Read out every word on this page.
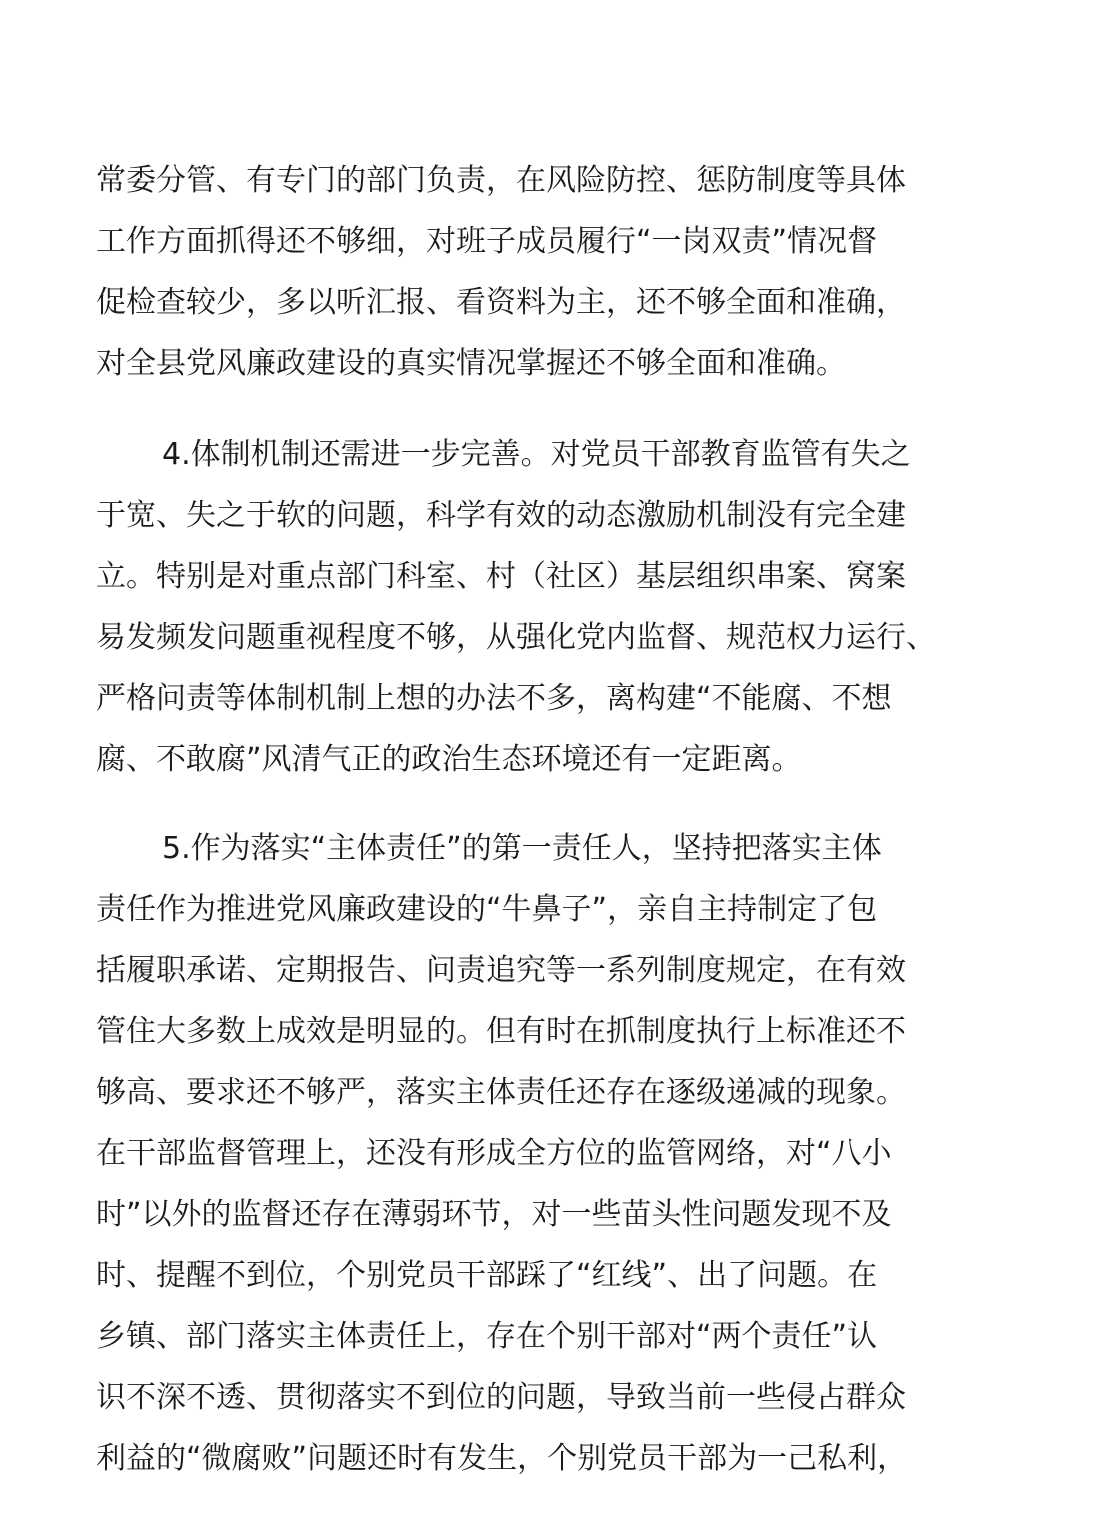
常委分管、有专门的部门负责，在风险防控、惩防制度等具体
工作方面抓得还不够细，对班子成员履行“一岗双责”情况督
促检查较少，多以听汇报、看资料为主，还不够全面和准确，
对全县党风廉政建设的真实情况掌握还不够全面和准确。
4.体制机制还需进一步完善。对党员干部教育监管有失之
于宽、失之于软的问题，科学有效的动态激励机制没有完全建
立。特别是对重点部门科室、村（社区）基层组织串案、窝案
易发频发问题重视程度不够，从强化党内监督、规范权力运行、
严格问责等体制机制上想的办法不多，离构建“不能腐、不想
腐、不敢腐”风清气正的政治生态环境还有一定距离。
5.作为落实“主体责任”的第一责任人，坚持把落实主体
责任作为推进党风廉政建设的“牛鼻子”，亲自主持制定了包
括履职承诺、定期报告、问责追究等一系列制度规定，在有效
管住大多数上成效是明显的。但有时在抓制度执行上标准还不
够高、要求还不够严，落实主体责任还存在逐级递减的现象。
在干部监督管理上，还没有形成全方位的监管网络，对“八小
时”以外的监督还存在薄弱环节，对一些苗头性问题发现不及
时、提醒不到位，个别党员干部踩了“红线”、出了问题。在
乡镇、部门落实主体责任上，存在个别干部对“两个责任”认
识不深不透、贯彻落实不到位的问题，导致当前一些侵占群众
利益的“微腐败”问题还时有发生，个别党员干部为一己私利，
